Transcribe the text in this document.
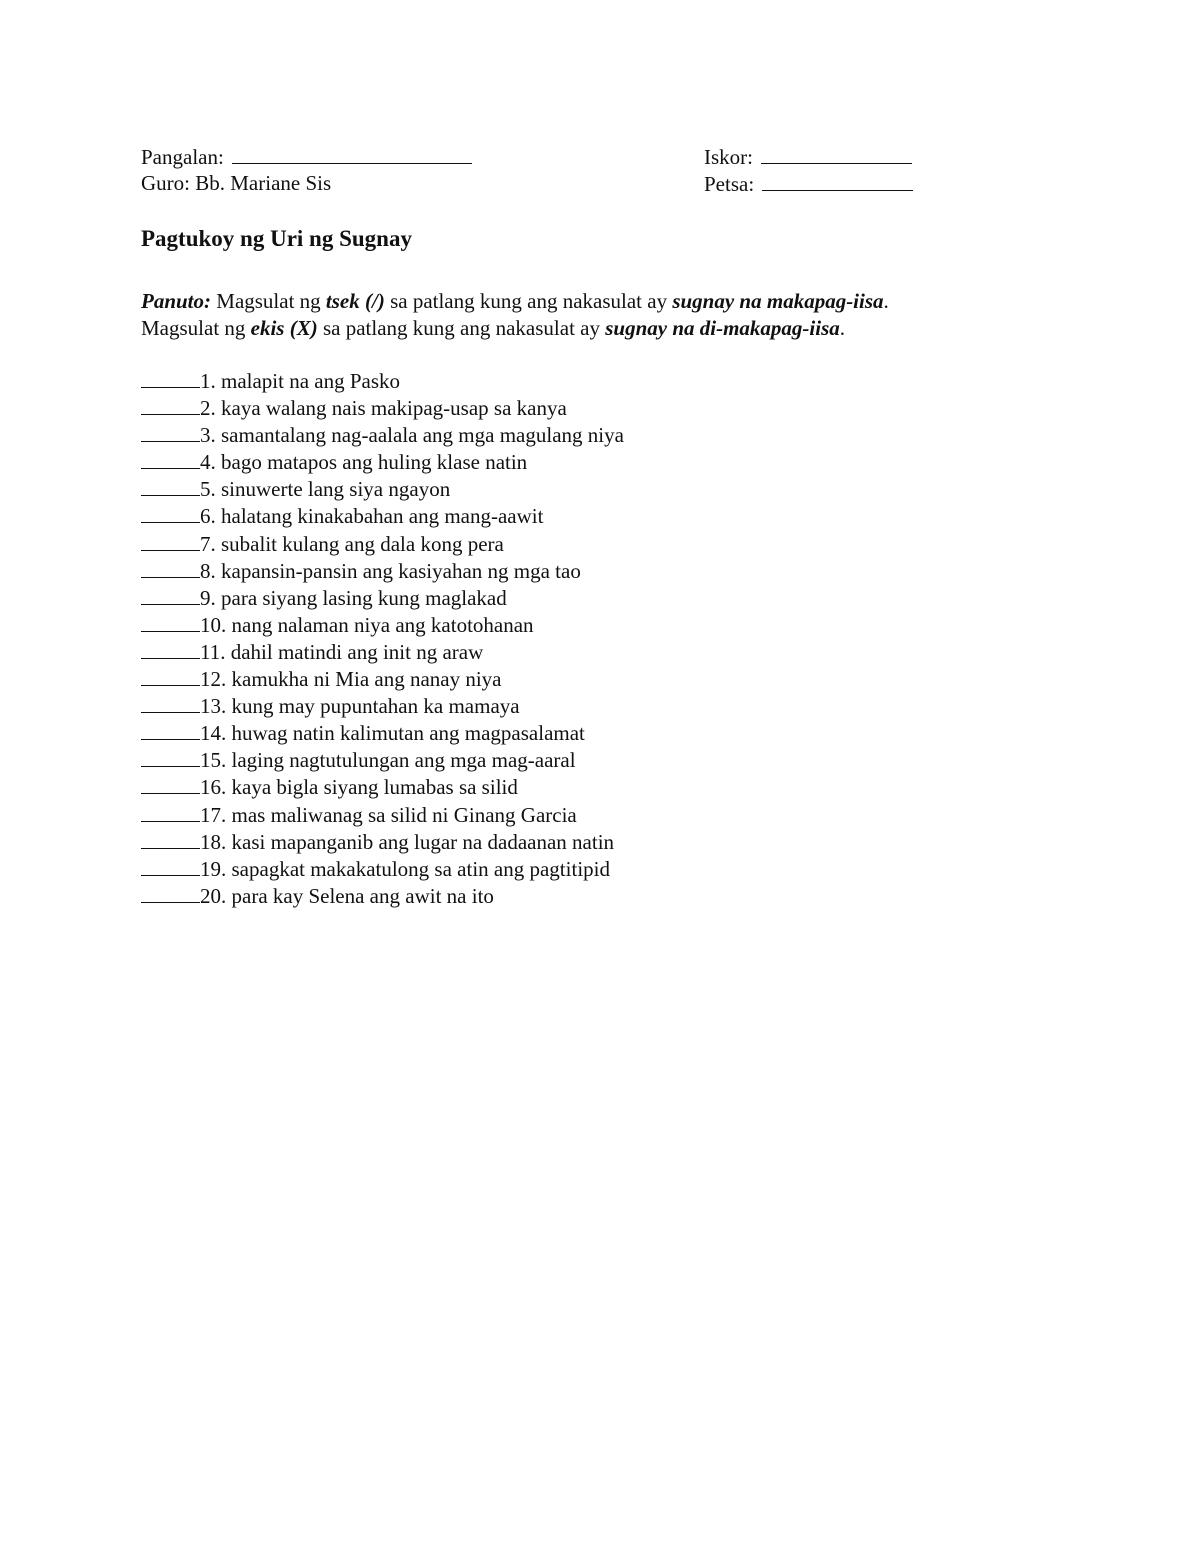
Pangalan:
Guro: Bb. Mariane Sis
Iskor:
Petsa:
Pagtukoy ng Uri ng Sugnay
Panuto: Magsulat ng tsek (/) sa patlang kung ang nakasulat ay sugnay na makapag-iisa.
Magsulat ng ekis (X) sa patlang kung ang nakasulat ay sugnay na di-makapag-iisa.
1. malapit na ang Pasko
2. kaya walang nais makipag-usap sa kanya
3. samantalang nag-aalala ang mga magulang niya
4. bago matapos ang huling klase natin
5. sinuwerte lang siya ngayon
6. halatang kinakabahan ang mang-aawit
7. subalit kulang ang dala kong pera
8. kapansin-pansin ang kasiyahan ng mga tao
9. para siyang lasing kung maglakad
10. nang nalaman niya ang katotohanan
11. dahil matindi ang init ng araw
12. kamukha ni Mia ang nanay niya
13. kung may pupuntahan ka mamaya
14. huwag natin kalimutan ang magpasalamat
15. laging nagtutulungan ang mga mag-aaral
16. kaya bigla siyang lumabas sa silid
17. mas maliwanag sa silid ni Ginang Garcia
18. kasi mapanganib ang lugar na dadaanan natin
19. sapagkat makakatulong sa atin ang pagtitipid
20. para kay Selena ang awit na ito
